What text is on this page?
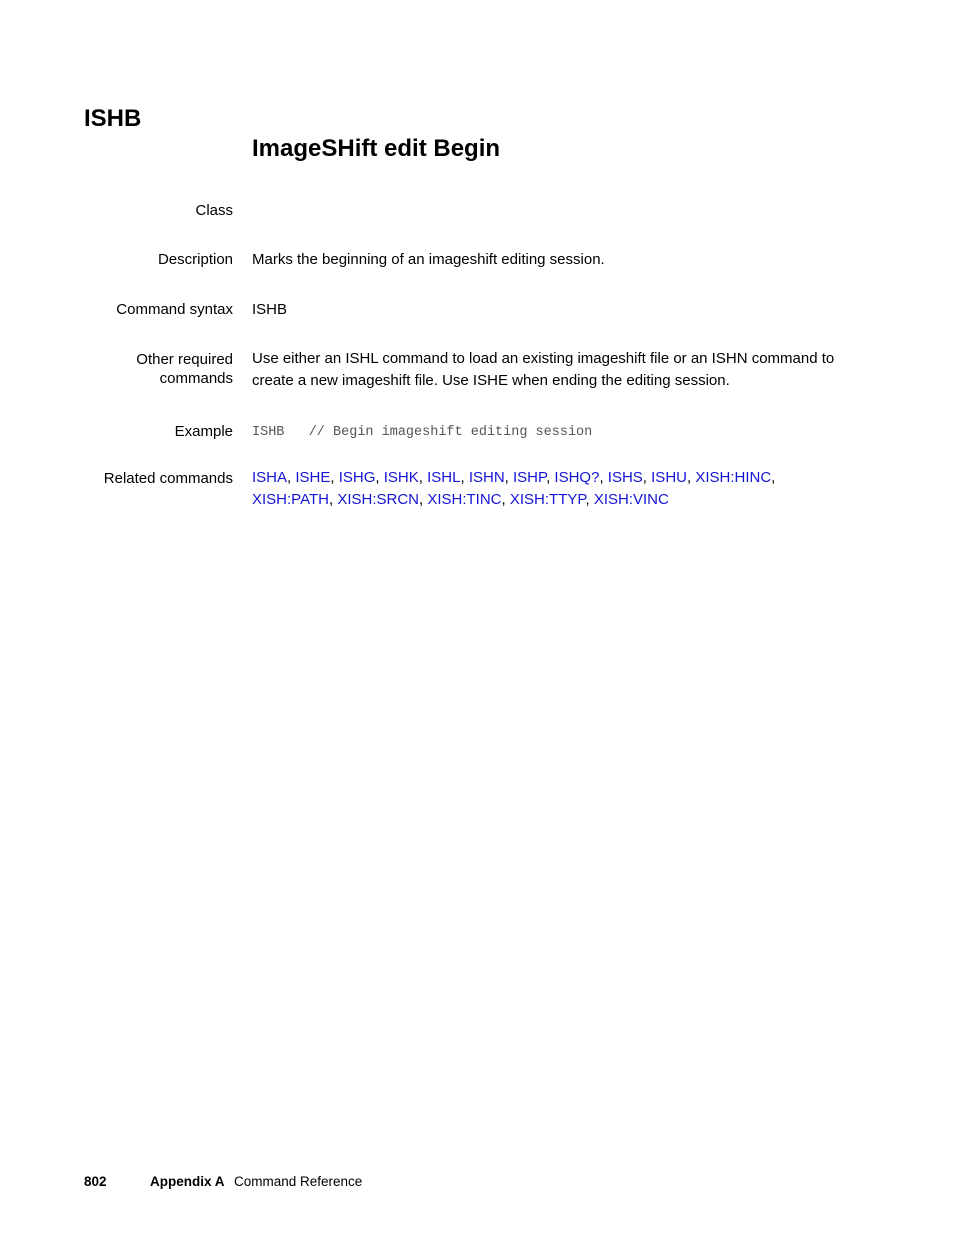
ISHB
ImageSHift edit Begin
Class
Description Marks the beginning of an imageshift editing session.
Command syntax ISHB
Other required
commands
Use either an ISHL command to load an existing imageshift file or an ISHN command to create a new imageshift file. Use ISHE when ending the editing session.
Example ISHB   // Begin imageshift editing session
Related commands ISHA, ISHE, ISHG, ISHK, ISHL, ISHN, ISHP, ISHQ?, ISHS, ISHU, XISH:HINC,
XISH:PATH, XISH:SRCN, XISH:TINC, XISH:TTYP, XISH:VINC
802	Appendix A Command Reference
